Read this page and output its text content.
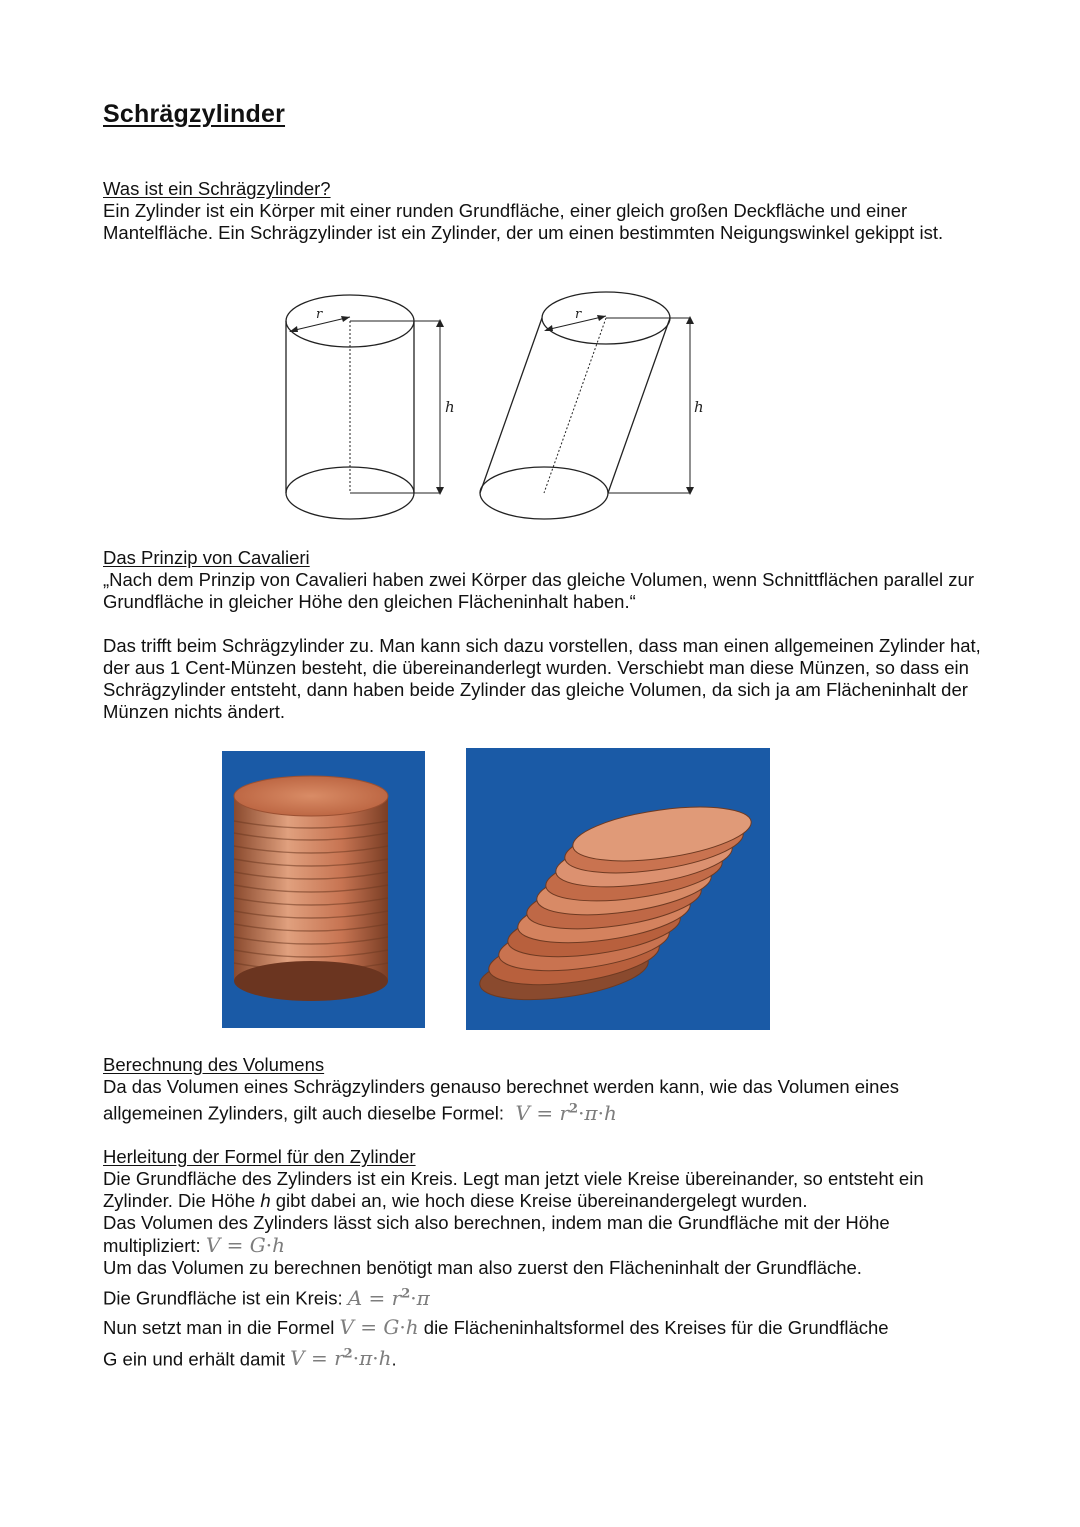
Schrägzylinder

Was ist ein Schrägzylinder?

Ein Zylinder ist ein Körper mit einer runden Grundfläche, einer gleich großen Deckfläche und einer Mantelfläche. Ein Schrägzylinder ist ein Zylinder, der um einen bestimmten Neigungswinkel gekippt ist.

r	r
h	h

Das Prinzip von Cavalieri

„Nach dem Prinzip von Cavalieri haben zwei Körper das gleiche Volumen, wenn Schnittflächen parallel zur Grundfläche in gleicher Höhe den gleichen Flächeninhalt haben.“

Das trifft beim Schrägzylinder zu. Man kann sich dazu vorstellen, dass man einen allgemeinen Zylinder hat, der aus 1 Cent-Münzen besteht, die übereinanderlegt wurden. Verschiebt man diese Münzen, so dass ein Schrägzylinder entsteht, dann haben beide Zylinder das gleiche Volumen, da sich ja am Flächeninhalt der Münzen nichts ändert.

Berechnung des Volumens

Da das Volumen eines Schrägzylinders genauso berechnet werden kann, wie das Volumen eines allgemeinen Zylinders, gilt auch dieselbe Formel:  $V = r^2\cdot\pi\cdot h$

Herleitung der Formel für den Zylinder

Die Grundfläche des Zylinders ist ein Kreis. Legt man jetzt viele Kreise übereinander, so entsteht ein Zylinder. Die Höhe h gibt dabei an, wie hoch diese Kreise übereinandergelegt wurden.

Das Volumen des Zylinders lässt sich also berechnen, indem man die Grundfläche mit der Höhe multipliziert: V = G·h

Um das Volumen zu berechnen benötigt man also zuerst den Flächeninhalt der Grundfläche.

Die Grundfläche ist ein Kreis: $A = r^2\cdot\pi$

Nun setzt man in die Formel V = G·h die Flächeninhaltsformel des Kreises für die Grundfläche

G ein und erhält damit $V = r^2\cdot\pi\cdot h$.
